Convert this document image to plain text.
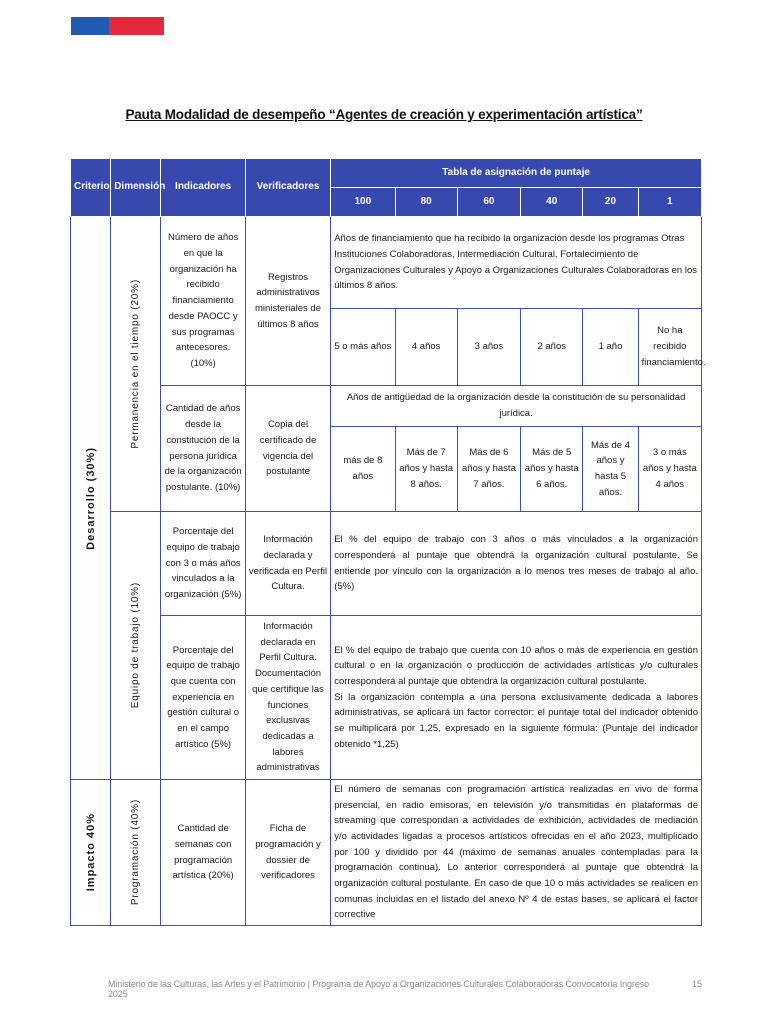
Pauta Modalidad de desempeño “Agentes de creación y experimentación artística”
Criterio	Dimensión	Indicadores	Verificadores	Tabla de asignación de puntaje					
				100	80	60	40	20	1

Desarrollo (30%)	Permanencia en el tiempo (20%)	Número de años en que la organización ha recibido financiamiento desde PAOCC y sus programas antecesores. (10%)	Registros administrativos ministeriales de últimos 8 años	Años de financiamiento que ha recibido la organización desde los programas Otras Instituciones Colaboradoras, Intermediación Cultural, Fortalecimiento de Organizaciones Culturales y Apoyo a Organizaciones Culturales Colaboradoras en los últimos 8 años.					
				5 o más años	4 años	3 años	2 años	1 año	No ha recibido financiamiento.
		Cantidad de años desde la constitución de la persona jurídica de la organización postulante. (10%)	Copia del certificado de vigencia del postulante	Años de antigüedad de la organización desde la constitución de su personalidad jurídica.					
				más de 8 años	Más de 7 años y hasta 8 años.	Más de 6 años y hasta 7 años.	Más de 5 años y hasta 6 años.	Más de 4 años y hasta 5 años.	3 o más años y hasta 4 años

	Equipo de trabajo (10%)	Porcentaje del equipo de trabajo con 3 o más años vinculados a la organización (5%)	Información declarada y verificada en Perfil Cultura.	El % del equipo de trabajo con 3 años o más vinculados a la organización corresponderá al puntaje que obtendrá la organización cultural postulante. Se entiende por vínculo con la organización a lo menos tres meses de trabajo al año. (5%)					
		Porcentaje del equipo de trabajo que cuenta con experiencia en gestión cultural o en el campo artístico (5%)	Información declarada en Perfil Cultura. Documentación que certifique las funciones exclusivas dedicadas a labores administrativas	El % del equipo de trabajo que cuenta con 10 años o más de experiencia en gestión cultural o en la organización o producción de actividades artísticas y/o culturales corresponderá al puntaje que obtendrá la organización cultural postulante.
Si la organización contempla a una persona exclusivamente dedicada a labores administrativas, se aplicará un factor corrector: el puntaje total del indicador obtenido se multiplicará por 1,25, expresado en la siguiente fórmula: (Puntaje del indicador obtenido *1,25)					

Impacto 40%	Programación (40%)	Cantidad de semanas con programación artística (20%)	Ficha de programación y dossier de verificadores	El número de semanas con programación artística realizadas en vivo de forma presencial, en radio emisoras, en televisión y/o transmitidas en plataformas de streaming que correspondan a actividades de exhibición, actividades de mediación y/o actividades ligadas a procesos artísticos ofrecidas en el año 2023, multiplicado por 100 y dividido por 44 (máximo de semanas anuales contempladas para la programación continua). Lo anterior corresponderá al puntaje que obtendrá la organización cultural postulante. En caso de que 10 o más actividades se realicen en comunas incluidas en el listado del anexo Nº 4 de estas bases, se aplicará el factor corrective					
Ministerio de las Culturas, las Artes y el Patrimonio | Programa de Apoyo a Organizaciones Culturales Colaboradoras Convocatoria Ingreso 2025
15
